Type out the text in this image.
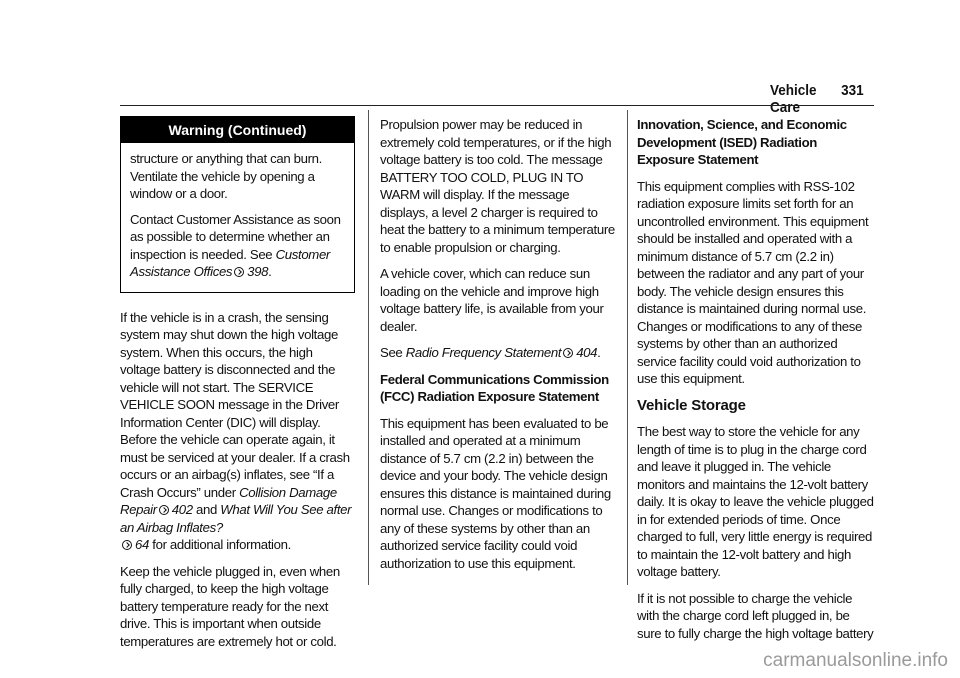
Vehicle Care
331
Warning (Continued)

structure or anything that can burn. Ventilate the vehicle by opening a window or a door.

Contact Customer Assistance as soon as possible to determine whether an inspection is needed. See Customer Assistance Offices 398.

If the vehicle is in a crash, the sensing system may shut down the high voltage system. When this occurs, the high voltage battery is disconnected and the vehicle will not start. The SERVICE VEHICLE SOON message in the Driver Information Center (DIC) will display. Before the vehicle can operate again, it must be serviced at your dealer. If a crash occurs or an airbag(s) inflates, see “If a Crash Occurs” under Collision Damage Repair 402 and What Will You See after an Airbag Inflates?
64 for additional information.

Keep the vehicle plugged in, even when fully charged, to keep the high voltage battery temperature ready for the next drive. This is important when outside temperatures are extremely hot or cold.

Propulsion power may be reduced in extremely cold temperatures, or if the high voltage battery is too cold. The message BATTERY TOO COLD, PLUG IN TO WARM will display. If the message displays, a level 2 charger is required to heat the battery to a minimum temperature to enable propulsion or charging.

A vehicle cover, which can reduce sun loading on the vehicle and improve high voltage battery life, is available from your dealer.

See Radio Frequency Statement 404.

Federal Communications Commission (FCC) Radiation Exposure Statement

This equipment has been evaluated to be installed and operated at a minimum distance of 5.7 cm (2.2 in) between the device and your body. The vehicle design ensures this distance is maintained during normal use. Changes or modifications to any of these systems by other than an authorized service facility could void authorization to use this equipment.

Innovation, Science, and Economic Development (ISED) Radiation Exposure Statement

This equipment complies with RSS-102 radiation exposure limits set forth for an uncontrolled environment. This equipment should be installed and operated with a minimum distance of 5.7 cm (2.2 in) between the radiator and any part of your body. The vehicle design ensures this distance is maintained during normal use. Changes or modifications to any of these systems by other than an authorized service facility could void authorization to use this equipment.

Vehicle Storage

The best way to store the vehicle for any length of time is to plug in the charge cord and leave it plugged in. The vehicle monitors and maintains the 12-volt battery daily. It is okay to leave the vehicle plugged in for extended periods of time. Once charged to full, very little energy is required to maintain the 12-volt battery and high voltage battery.

If it is not possible to charge the vehicle with the charge cord left plugged in, be sure to fully charge the high voltage battery

carmanualsonline.info
